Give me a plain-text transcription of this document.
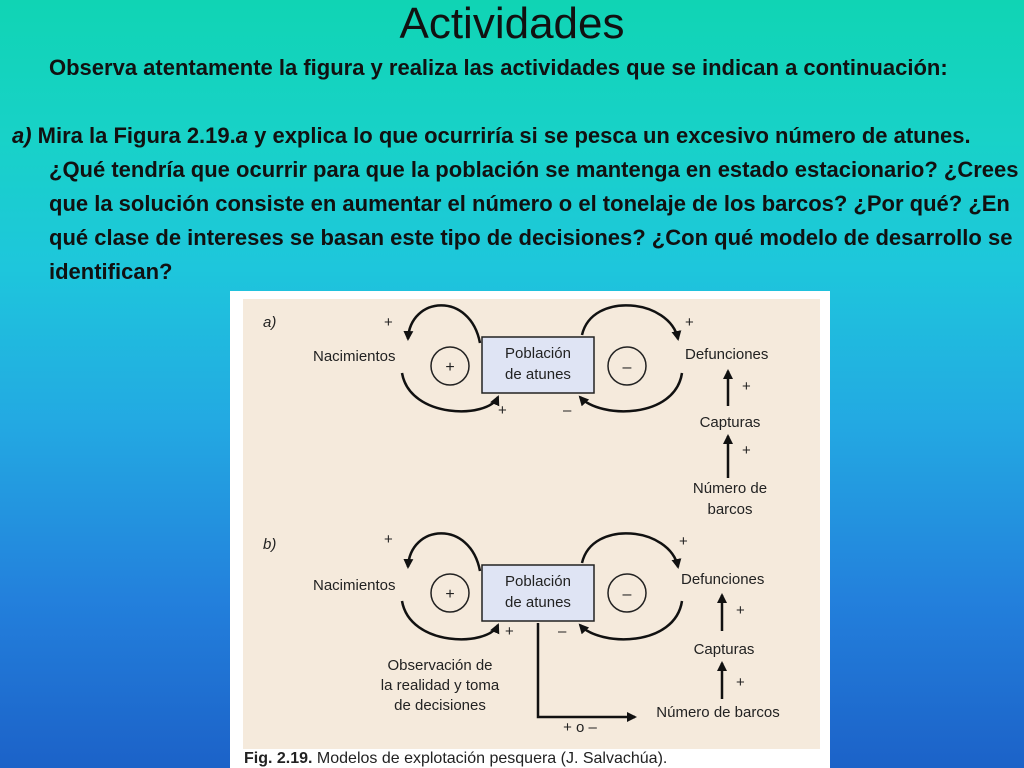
Actividades
Observa atentamente la figura y realiza las actividades que se indican a continuación:
a) Mira la Figura 2.19.a y explica lo que ocurriría si se pesca un excesivo número de atunes. ¿Qué tendría que ocurrir para que la población se mantenga en estado estacionario? ¿Crees que la solución consiste en aumentar el número o el tonelaje de los barcos? ¿Por qué? ¿En qué clase de intereses se basan este tipo de decisiones? ¿Con qué modelo de desarrollo se identifican?
a)
Nacimientos	Población
de atunes
Defunciones
+
+
+
–
+
–
+
Capturas
+
Número de
barcos
b)
Nacimientos	Población
de atunes
Defunciones
+
+
+
–
+
–
+
Capturas
+
Número de barcos
+ o –
Observación de
la realidad y toma
de decisiones
Fig. 2.19. Modelos de explotación pesquera (J. Salvachúa).
